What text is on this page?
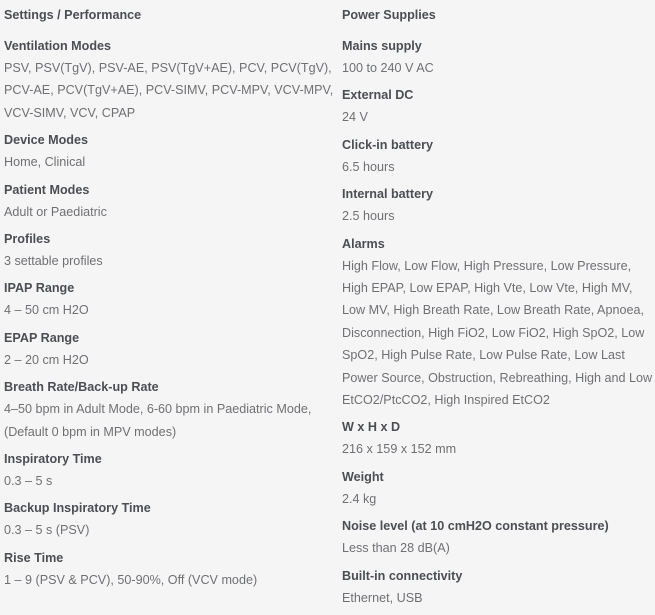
Settings / Performance
Ventilation Modes
PSV, PSV(TgV), PSV-AE, PSV(TgV+AE), PCV, PCV(TgV), PCV-AE, PCV(TgV+AE), PCV-SIMV, PCV-MPV, VCV-MPV, VCV-SIMV, VCV, CPAP
Device Modes
Home, Clinical
Patient Modes
Adult or Paediatric
Profiles
3 settable profiles
IPAP Range
4 – 50 cm H2O
EPAP Range
2 – 20 cm H2O
Breath Rate/Back-up Rate
4–50 bpm in Adult Mode, 6-60 bpm in Paediatric Mode, (Default 0 bpm in MPV modes)
Inspiratory Time
0.3 – 5 s
Backup Inspiratory Time
0.3 – 5 s (PSV)
Rise Time
1 – 9 (PSV & PCV), 50-90%, Off (VCV mode)
Power Supplies
Mains supply
100 to 240 V AC
External DC
24 V
Click-in battery
6.5 hours
Internal battery
2.5 hours
Alarms
High Flow, Low Flow, High Pressure, Low Pressure, High EPAP, Low EPAP, High Vte, Low Vte, High MV, Low MV, High Breath Rate, Low Breath Rate, Apnoea, Disconnection, High FiO2, Low FiO2, High SpO2, Low SpO2, High Pulse Rate, Low Pulse Rate, Low Last Power Source, Obstruction, Rebreathing, High and Low EtCO2/PtcCO2, High Inspired EtCO2
W x H x D
216 x 159 x 152 mm
Weight
2.4 kg
Noise level (at 10 cmH2O constant pressure)
Less than 28 dB(A)
Built-in connectivity
Ethernet, USB
